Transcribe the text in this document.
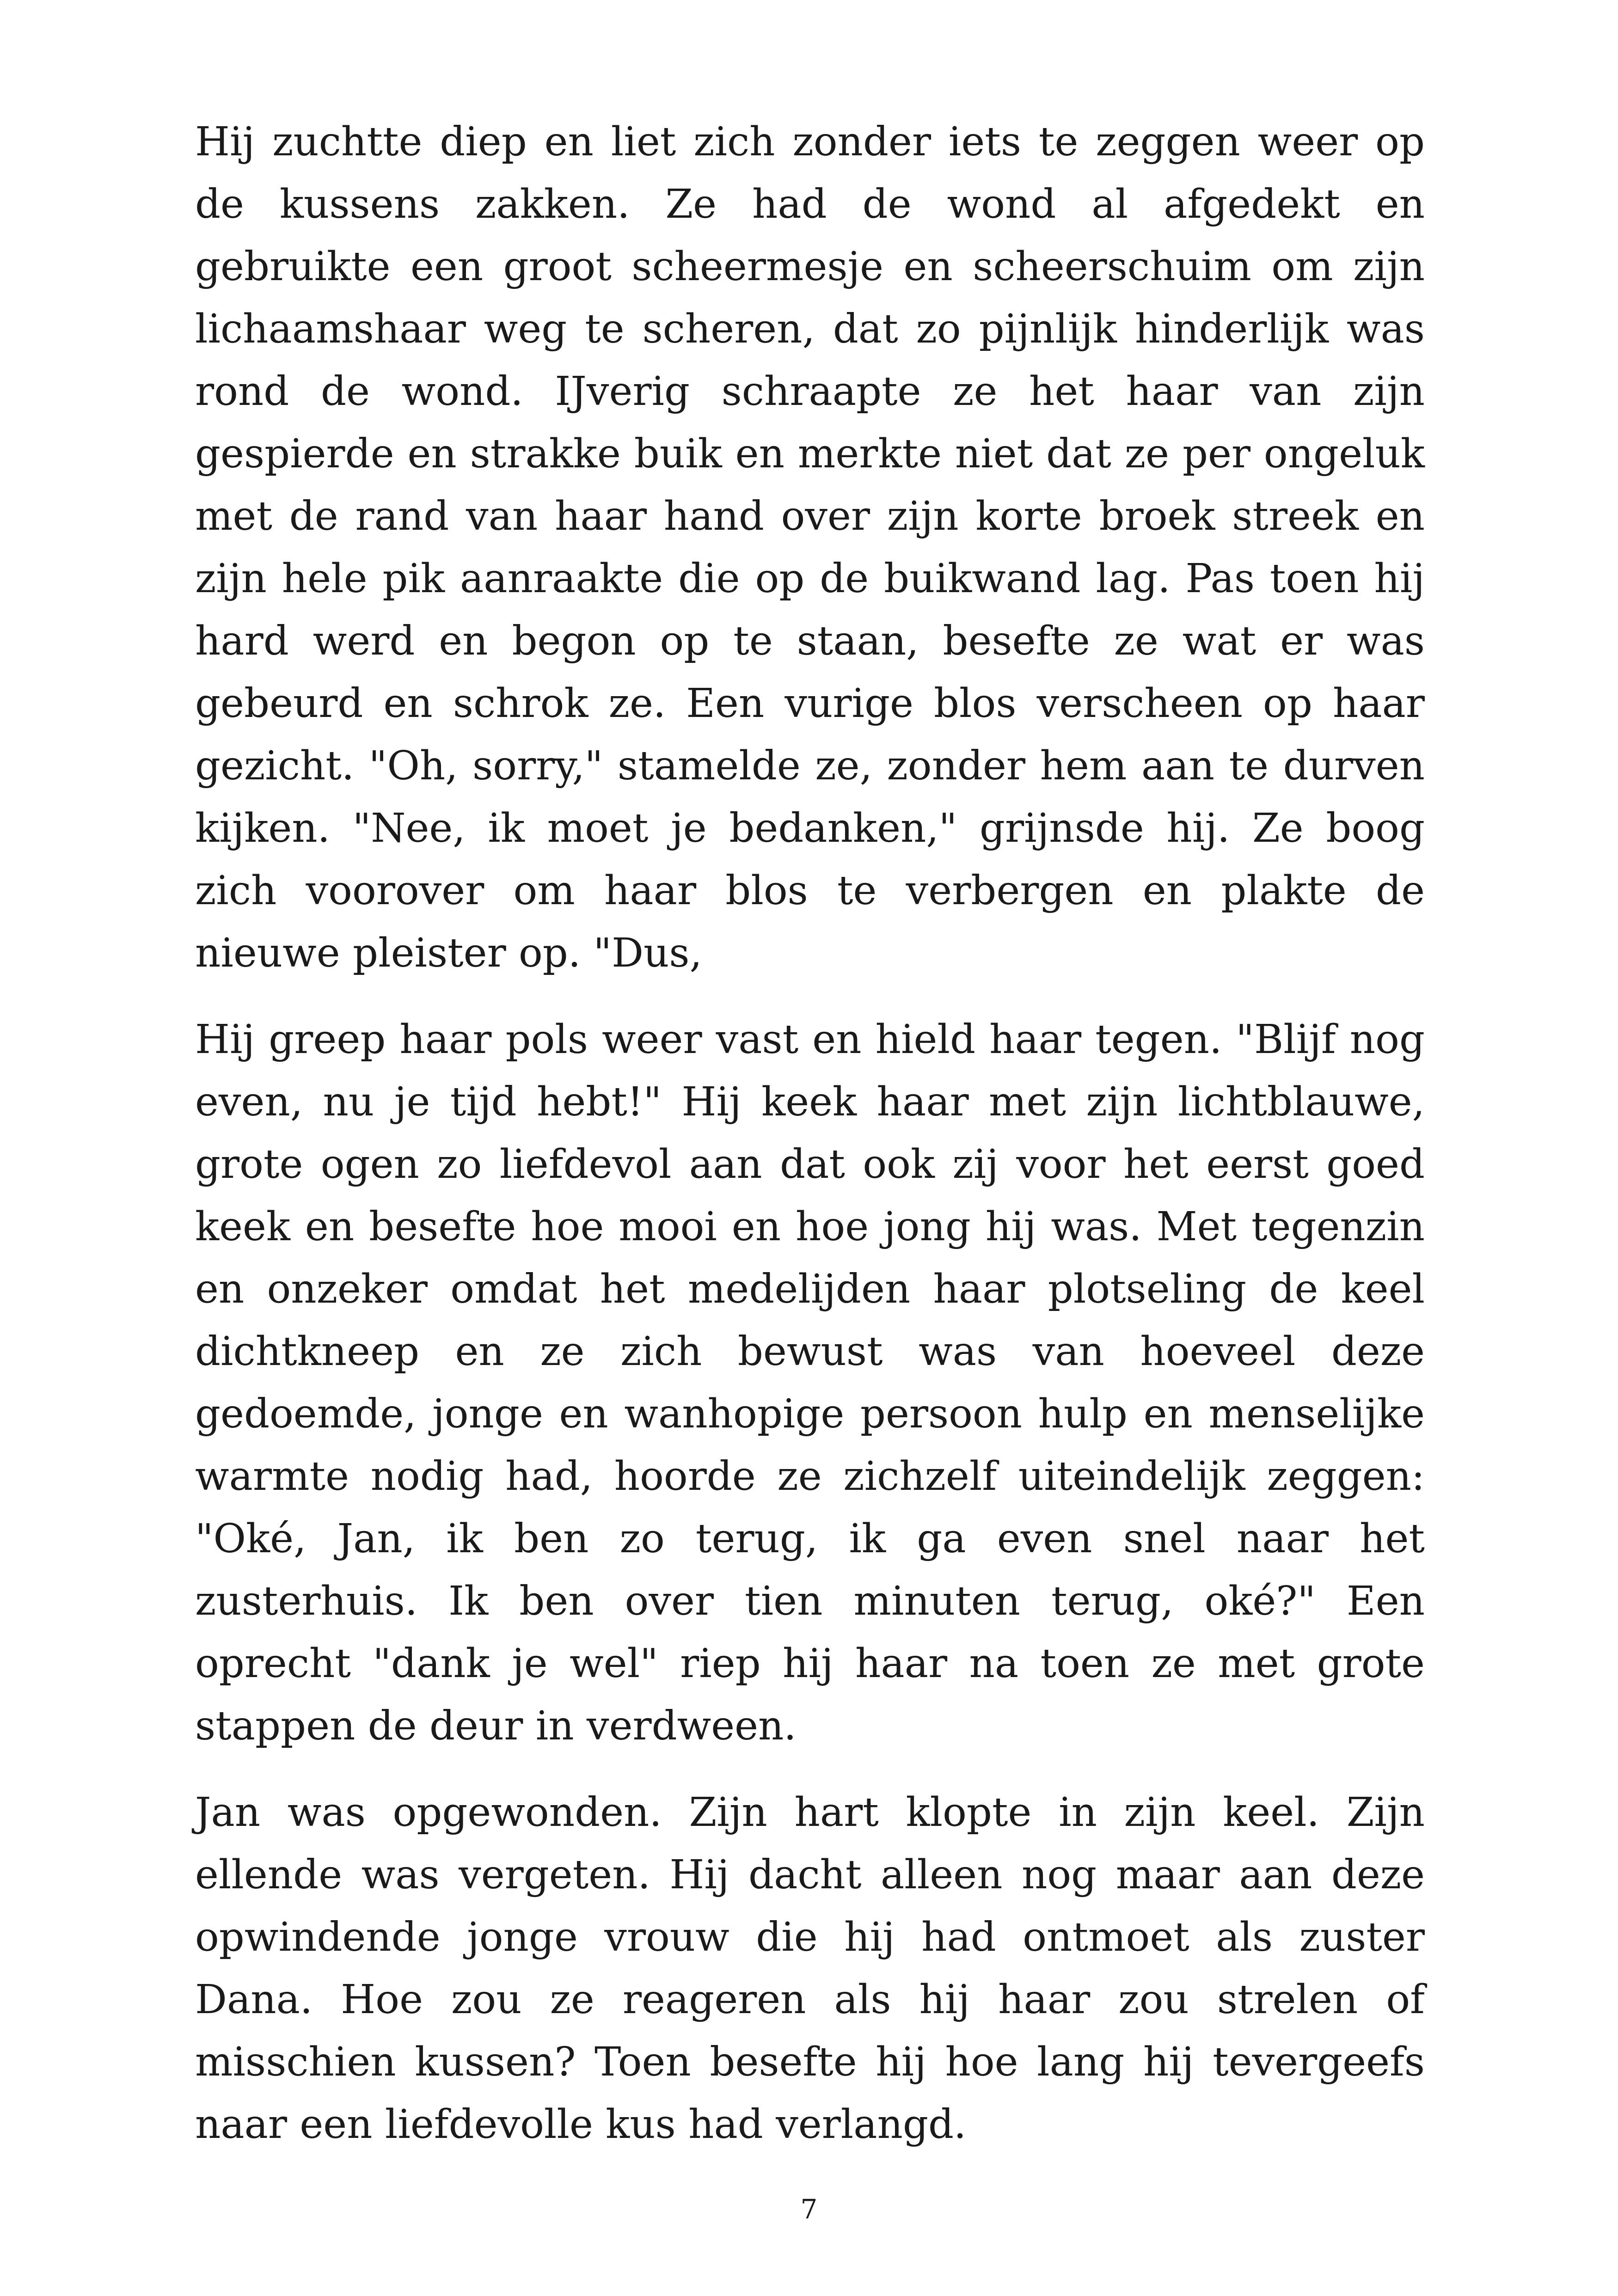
Hij zuchtte diep en liet zich zonder iets te zeggen weer op de kussens zakken. Ze had de wond al afgedekt en gebruikte een groot scheermesje en scheerschuim om zijn lichaamshaar weg te scheren, dat zo pijnlijk hinderlijk was rond de wond. IJverig schraapte ze het haar van zijn gespierde en strakke buik en merkte niet dat ze per ongeluk met de rand van haar hand over zijn korte broek streek en zijn hele pik aanraakte die op de buikwand lag. Pas toen hij hard werd en begon op te staan, besefte ze wat er was gebeurd en schrok ze. Een vurige blos verscheen op haar gezicht. "Oh, sorry," stamelde ze, zonder hem aan te durven kijken. "Nee, ik moet je bedanken," grijnsde hij. Ze boog zich voorover om haar blos te verbergen en plakte de nieuwe pleister op. "Dus,

Hij greep haar pols weer vast en hield haar tegen. "Blijf nog even, nu je tijd hebt!" Hij keek haar met zijn lichtblauwe, grote ogen zo liefdevol aan dat ook zij voor het eerst goed keek en besefte hoe mooi en hoe jong hij was. Met tegenzin en onzeker omdat het medelijden haar plotseling de keel dichtkneep en ze zich bewust was van hoeveel deze gedoemde, jonge en wanhopige persoon hulp en menselijke warmte nodig had, hoorde ze zichzelf uiteindelijk zeggen: "Oké, Jan, ik ben zo terug, ik ga even snel naar het zusterhuis. Ik ben over tien minuten terug, oké?" Een oprecht "dank je wel" riep hij haar na toen ze met grote stappen de deur in verdween.

Jan was opgewonden. Zijn hart klopte in zijn keel. Zijn ellende was vergeten. Hij dacht alleen nog maar aan deze opwindende jonge vrouw die hij had ontmoet als zuster Dana. Hoe zou ze reageren als hij haar zou strelen of misschien kussen? Toen besefte hij hoe lang hij tevergeefs naar een liefdevolle kus had verlangd.

7
